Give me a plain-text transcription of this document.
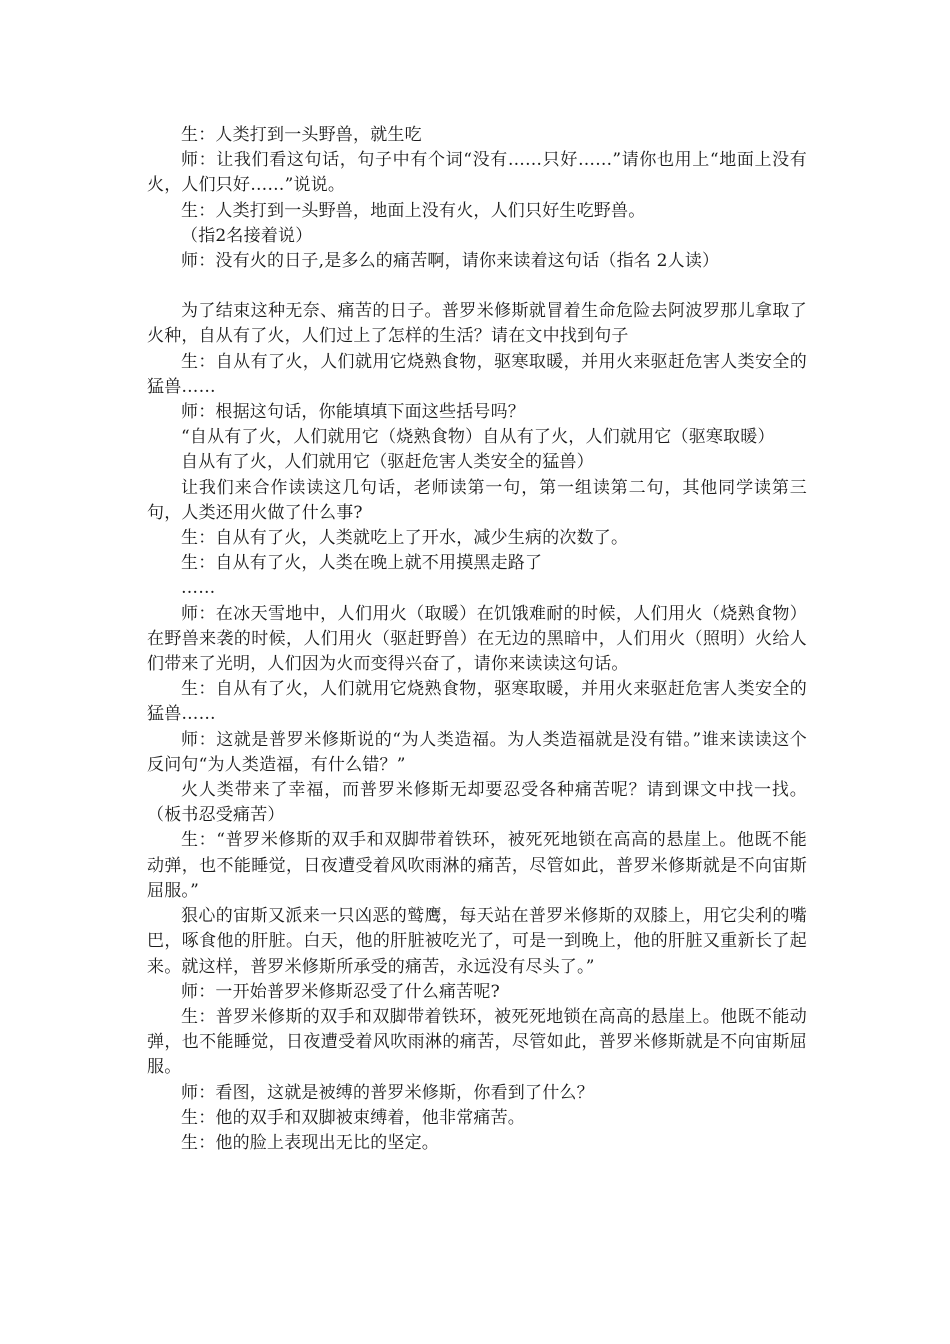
生：人类打到一头野兽，就生吃

师：让我们看这句话，句子中有个词“没有……只好……”请你也用上“地面上没有火，人们只好……”说说。

生：人类打到一头野兽，地面上没有火，人们只好生吃野兽。

（指2名接着说）

师：没有火的日子,是多么的痛苦啊，请你来读着这句话（指名 2人读）

为了结束这种无奈、痛苦的日子。普罗米修斯就冒着生命危险去阿波罗那儿拿取了火种，自从有了火，人们过上了怎样的生活？请在文中找到句子

生：自从有了火，人们就用它烧熟食物，驱寒取暖，并用火来驱赶危害人类安全的猛兽……

师：根据这句话，你能填填下面这些括号吗？

“自从有了火，人们就用它（烧熟食物）自从有了火，人们就用它（驱寒取暖）

自从有了火，人们就用它（驱赶危害人类安全的猛兽）

让我们来合作读读这几句话，老师读第一句，第一组读第二句，其他同学读第三句，人类还用火做了什么事?

生：自从有了火，人类就吃上了开水，减少生病的次数了。

生：自从有了火，人类在晚上就不用摸黑走路了

……

师：在冰天雪地中，人们用火（取暖）在饥饿难耐的时候，人们用火（烧熟食物）在野兽来袭的时候，人们用火（驱赶野兽）在无边的黑暗中，人们用火（照明）火给人们带来了光明，人们因为火而变得兴奋了，请你来读读这句话。

生：自从有了火，人们就用它烧熟食物，驱寒取暖，并用火来驱赶危害人类安全的猛兽……

师：这就是普罗米修斯说的“为人类造福。为人类造福就是没有错。”谁来读读这个反问句“为人类造福，有什么错？”

火人类带来了幸福，而普罗米修斯无却要忍受各种痛苦呢？请到课文中找一找。（板书忍受痛苦）

生：“普罗米修斯的双手和双脚带着铁环，被死死地锁在高高的悬崖上。他既不能动弹，也不能睡觉，日夜遭受着风吹雨淋的痛苦，尽管如此，普罗米修斯就是不向宙斯屈服。”

狠心的宙斯又派来一只凶恶的鹫鹰，每天站在普罗米修斯的双膝上，用它尖利的嘴巴，啄食他的肝脏。白天，他的肝脏被吃光了，可是一到晚上，他的肝脏又重新长了起来。就这样，普罗米修斯所承受的痛苦，永远没有尽头了。”

师：一开始普罗米修斯忍受了什么痛苦呢?

生：普罗米修斯的双手和双脚带着铁环，被死死地锁在高高的悬崖上。他既不能动弹，也不能睡觉，日夜遭受着风吹雨淋的痛苦，尽管如此，普罗米修斯就是不向宙斯屈服。

师：看图，这就是被缚的普罗米修斯，你看到了什么？

生：他的双手和双脚被束缚着，他非常痛苦。

生：他的脸上表现出无比的坚定。
